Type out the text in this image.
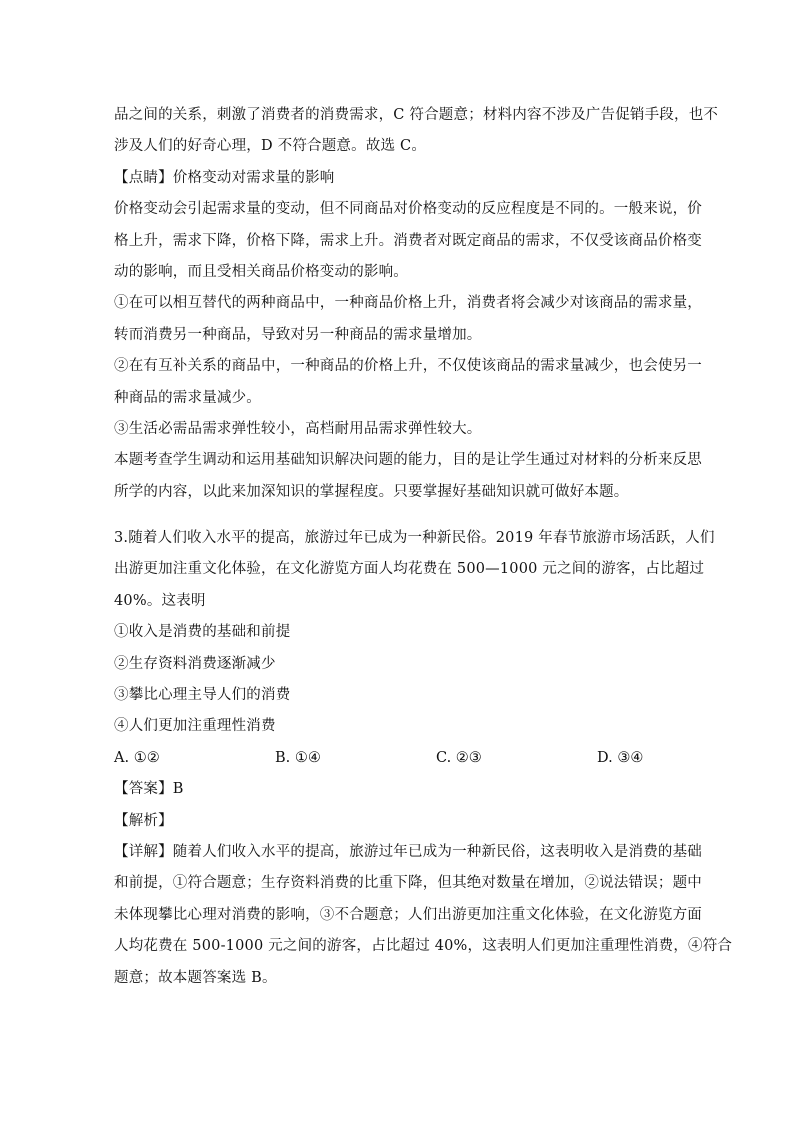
品之间的关系，刺激了消费者的消费需求，C 符合题意；材料内容不涉及广告促销手段，也不
涉及人们的好奇心理，D 不符合题意。故选 C。
【点睛】价格变动对需求量的影响
价格变动会引起需求量的变动，但不同商品对价格变动的反应程度是不同的。一般来说，价
格上升，需求下降，价格下降，需求上升。消费者对既定商品的需求，不仅受该商品价格变
动的影响，而且受相关商品价格变动的影响。
①在可以相互替代的两种商品中，一种商品价格上升，消费者将会减少对该商品的需求量，
转而消费另一种商品，导致对另一种商品的需求量增加。
②在有互补关系的商品中，一种商品的价格上升，不仅使该商品的需求量减少，也会使另一
种商品的需求量减少。
③生活必需品需求弹性较小，高档耐用品需求弹性较大。
本题考查学生调动和运用基础知识解决问题的能力，目的是让学生通过对材料的分析来反思
所学的内容，以此来加深知识的掌握程度。只要掌握好基础知识就可做好本题。
3.随着人们收入水平的提高，旅游过年已成为一种新民俗。2019 年春节旅游市场活跃，人们
出游更加注重文化体验，在文化游览方面人均花费在 500—1000 元之间的游客，占比超过
40%。这表明
①收入是消费的基础和前提
②生存资料消费逐渐减少
③攀比心理主导人们的消费
④人们更加注重理性消费
A. ①②	B. ①④	C. ②③	D. ③④
【答案】B
【解析】
【详解】随着人们收入水平的提高，旅游过年已成为一种新民俗，这表明收入是消费的基础
和前提，①符合题意；生存资料消费的比重下降，但其绝对数量在增加，②说法错误；题中
未体现攀比心理对消费的影响，③不合题意；人们出游更加注重文化体验，在文化游览方面
人均花费在 500-1000 元之间的游客，占比超过 40%，这表明人们更加注重理性消费，④符合
题意；故本题答案选 B。
